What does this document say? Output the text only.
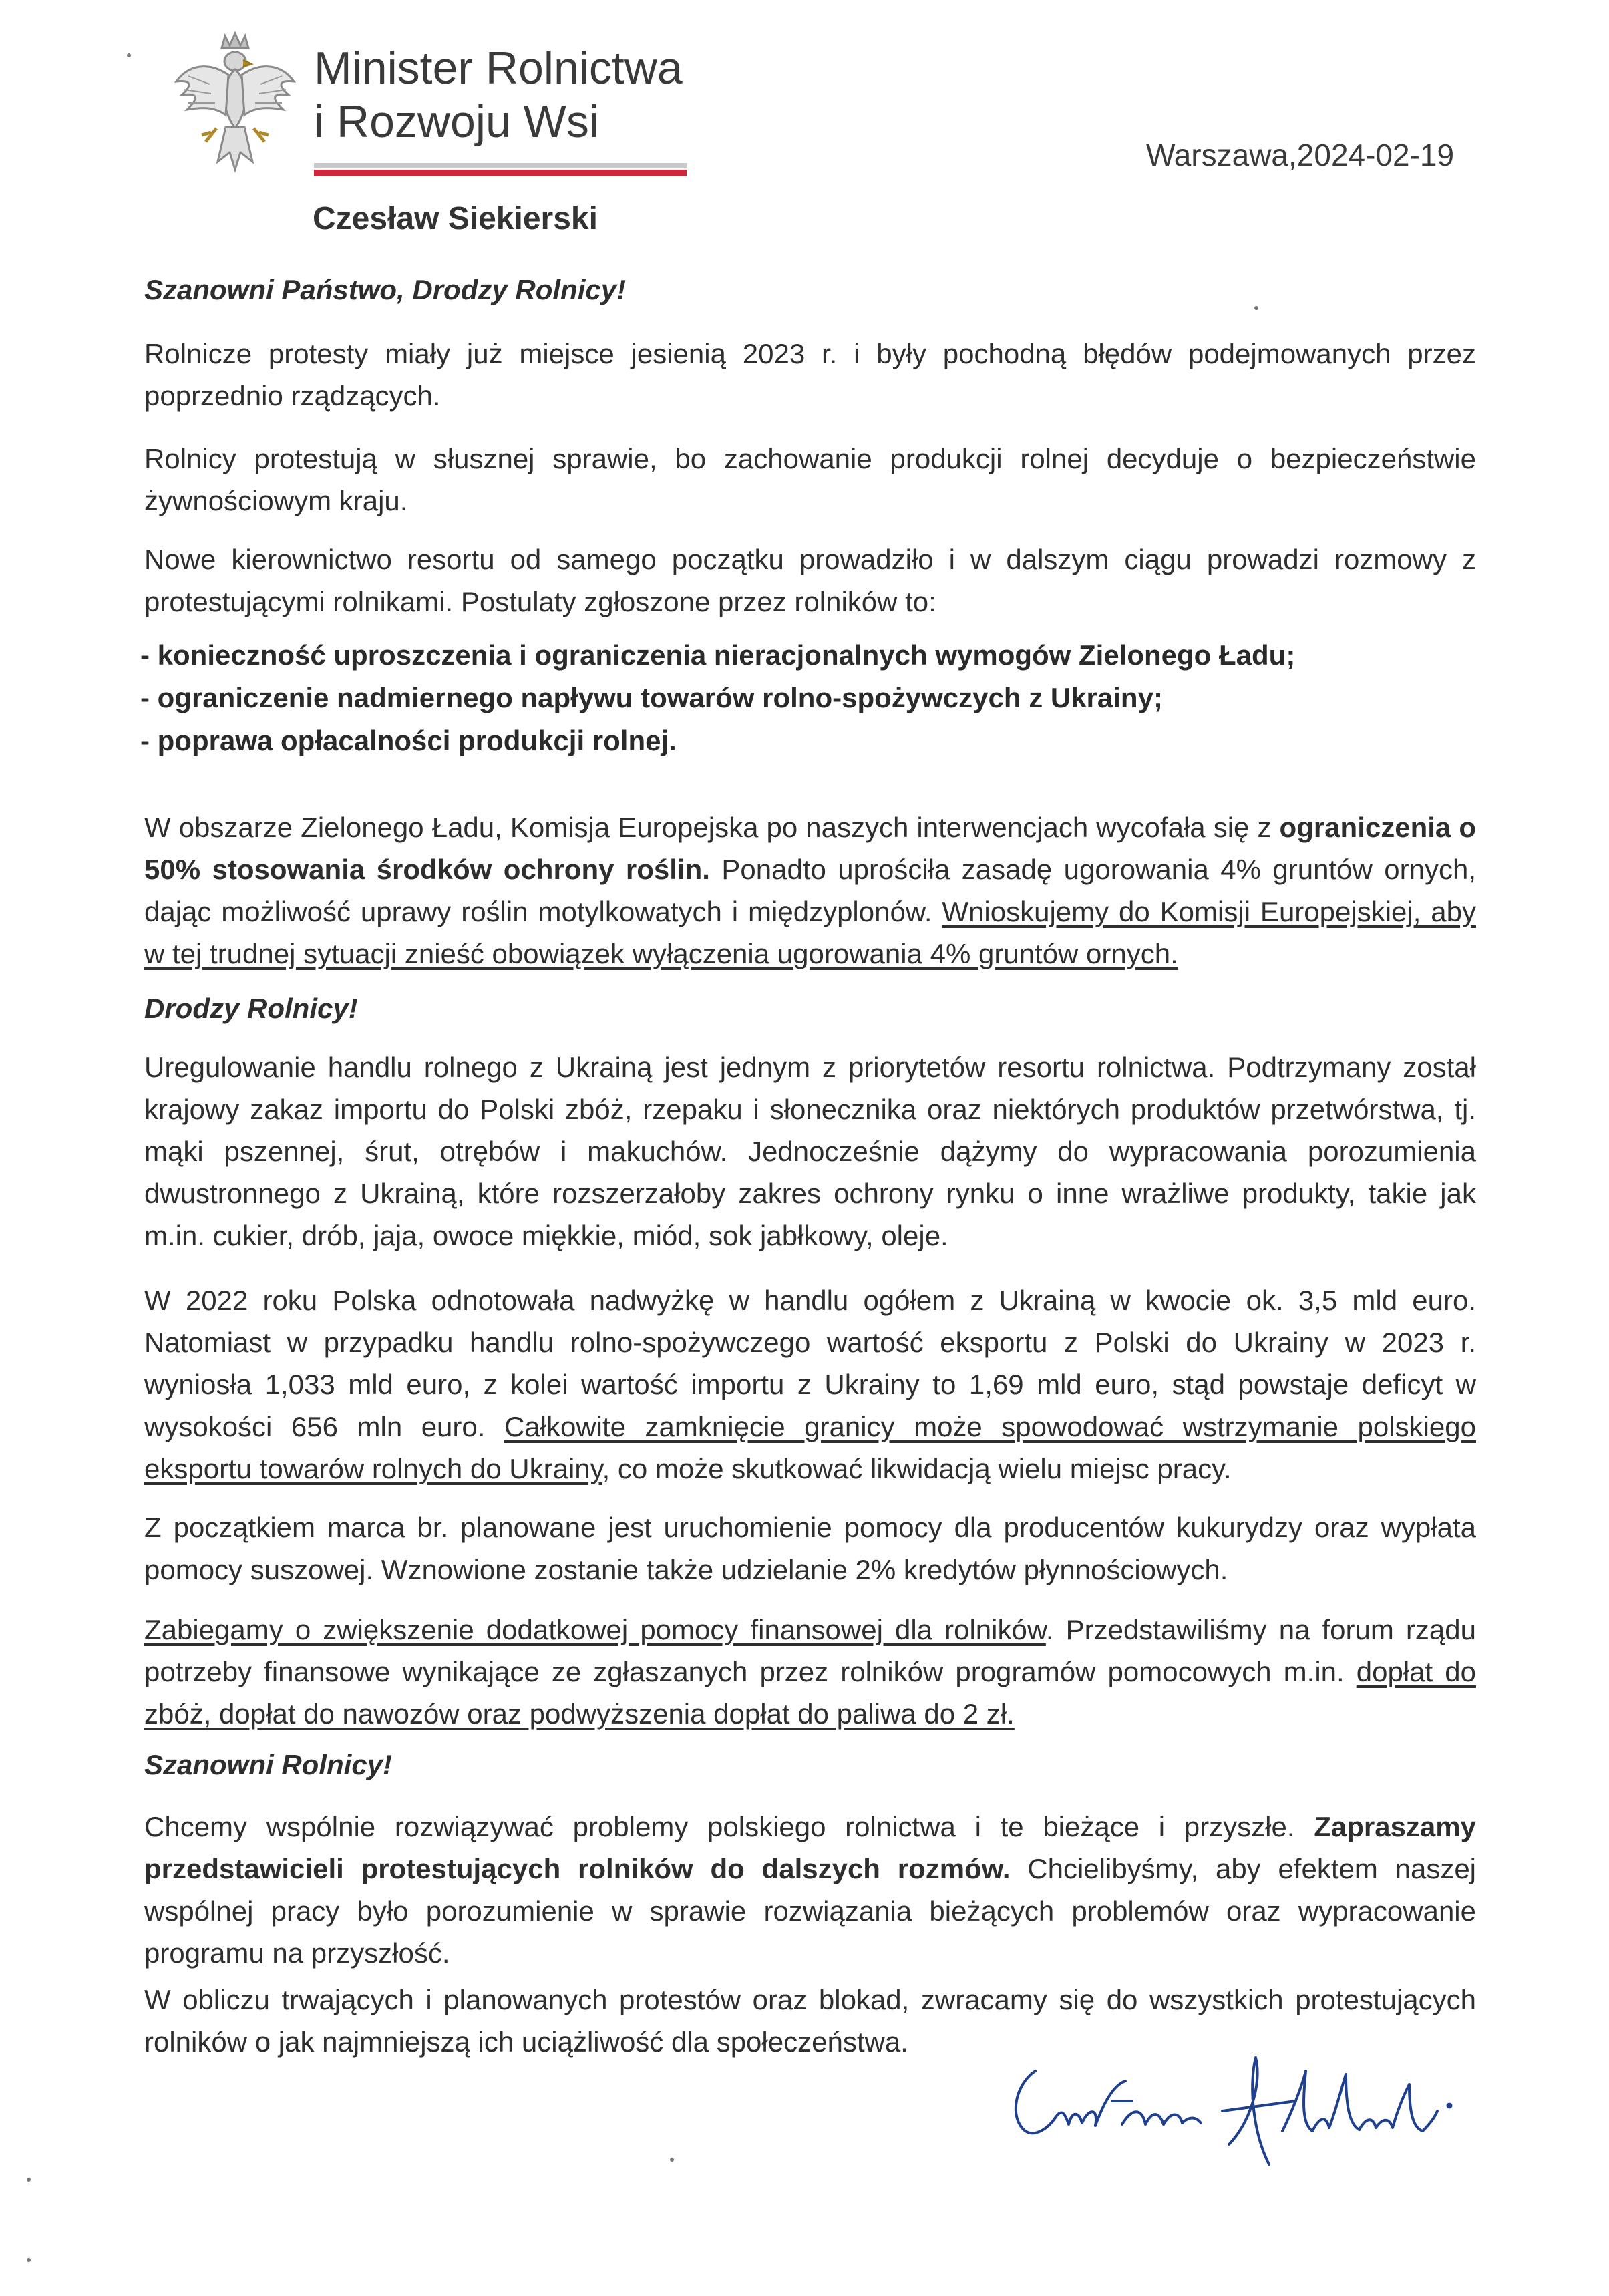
Minister Rolnictwa
i Rozwoju Wsi
Warszawa,2024-02-19
Czesław Siekierski
Szanowni Państwo, Drodzy Rolnicy!
Rolnicze protesty miały już miejsce jesienią 2023 r. i były pochodną błędów podejmowanych przez poprzednio rządzących.
Rolnicy protestują w słusznej sprawie, bo zachowanie produkcji rolnej decyduje o bezpieczeństwie żywnościowym kraju.
Nowe kierownictwo resortu od samego początku prowadziło i w dalszym ciągu prowadzi rozmowy z protestującymi rolnikami. Postulaty zgłoszone przez rolników to:
- konieczność uproszczenia i ograniczenia nieracjonalnych wymogów Zielonego Ładu;
- ograniczenie nadmiernego napływu towarów rolno-spożywczych z Ukrainy;
- poprawa opłacalności produkcji rolnej.
W obszarze Zielonego Ładu, Komisja Europejska po naszych interwencjach wycofała się z ograniczenia o 50% stosowania środków ochrony roślin. Ponadto uprościła zasadę ugorowania 4% gruntów ornych, dając możliwość uprawy roślin motylkowatych i międzyplonów. Wnioskujemy do Komisji Europejskiej, aby w tej trudnej sytuacji znieść obowiązek wyłączenia ugorowania 4% gruntów ornych.
Drodzy Rolnicy!
Uregulowanie handlu rolnego z Ukrainą jest jednym z priorytetów resortu rolnictwa. Podtrzymany został krajowy zakaz importu do Polski zbóż, rzepaku i słonecznika oraz niektórych produktów przetwórstwa, tj. mąki pszennej, śrut, otrębów i makuchów. Jednocześnie dążymy do wypracowania porozumienia dwustronnego z Ukrainą, które rozszerzałoby zakres ochrony rynku o inne wrażliwe produkty, takie jak m.in. cukier, drób, jaja, owoce miękkie, miód, sok jabłkowy, oleje.
W 2022 roku Polska odnotowała nadwyżkę w handlu ogółem z Ukrainą w kwocie ok. 3,5 mld euro. Natomiast w przypadku handlu rolno-spożywczego wartość eksportu z Polski do Ukrainy w 2023 r. wyniosła 1,033 mld euro, z kolei wartość importu z Ukrainy to 1,69 mld euro, stąd powstaje deficyt w wysokości 656 mln euro. Całkowite zamknięcie granicy może spowodować wstrzymanie polskiego eksportu towarów rolnych do Ukrainy, co może skutkować likwidacją wielu miejsc pracy.
Z początkiem marca br. planowane jest uruchomienie pomocy dla producentów kukurydzy oraz wypłata pomocy suszowej. Wznowione zostanie także udzielanie 2% kredytów płynnościowych.
Zabiegamy o zwiększenie dodatkowej pomocy finansowej dla rolników. Przedstawiliśmy na forum rządu potrzeby finansowe wynikające ze zgłaszanych przez rolników programów pomocowych m.in. dopłat do zbóż, dopłat do nawozów oraz podwyższenia dopłat do paliwa do 2 zł.
Szanowni Rolnicy!
Chcemy wspólnie rozwiązywać problemy polskiego rolnictwa i te bieżące i przyszłe. Zapraszamy przedstawicieli protestujących rolników do dalszych rozmów. Chcielibyśmy, aby efektem naszej wspólnej pracy było porozumienie w sprawie rozwiązania bieżących problemów oraz wypracowanie programu na przyszłość.
W obliczu trwających i planowanych protestów oraz blokad, zwracamy się do wszystkich protestujących rolników o jak najmniejszą ich uciążliwość dla społeczeństwa.
